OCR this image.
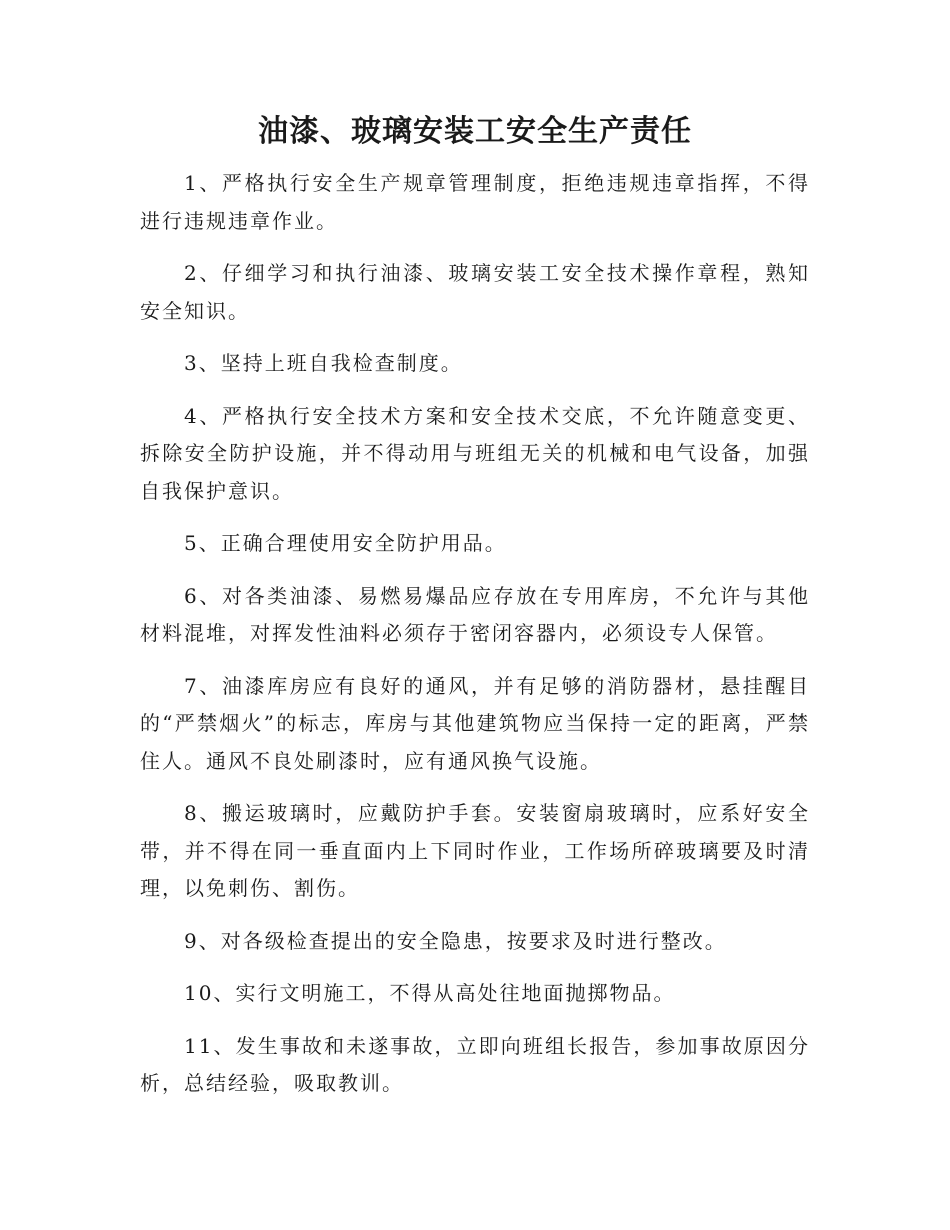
油漆、玻璃安装工安全生产责任

1、严格执行安全生产规章管理制度，拒绝违规违章指挥，不得进行违规违章作业。

2、仔细学习和执行油漆、玻璃安装工安全技术操作章程，熟知安全知识。

3、坚持上班自我检查制度。

4、严格执行安全技术方案和安全技术交底，不允许随意变更、拆除安全防护设施，并不得动用与班组无关的机械和电气设备，加强自我保护意识。

5、正确合理使用安全防护用品。

6、对各类油漆、易燃易爆品应存放在专用库房，不允许与其他材料混堆，对挥发性油料必须存于密闭容器内，必须设专人保管。

7、油漆库房应有良好的通风，并有足够的消防器材，悬挂醒目的“严禁烟火”的标志，库房与其他建筑物应当保持一定的距离，严禁住人。通风不良处刷漆时，应有通风换气设施。

8、搬运玻璃时，应戴防护手套。安装窗扇玻璃时，应系好安全带，并不得在同一垂直面内上下同时作业，工作场所碎玻璃要及时清理，以免刺伤、割伤。

9、对各级检查提出的安全隐患，按要求及时进行整改。

10、实行文明施工，不得从高处往地面抛掷物品。

11、发生事故和未遂事故，立即向班组长报告，参加事故原因分析，总结经验，吸取教训。
